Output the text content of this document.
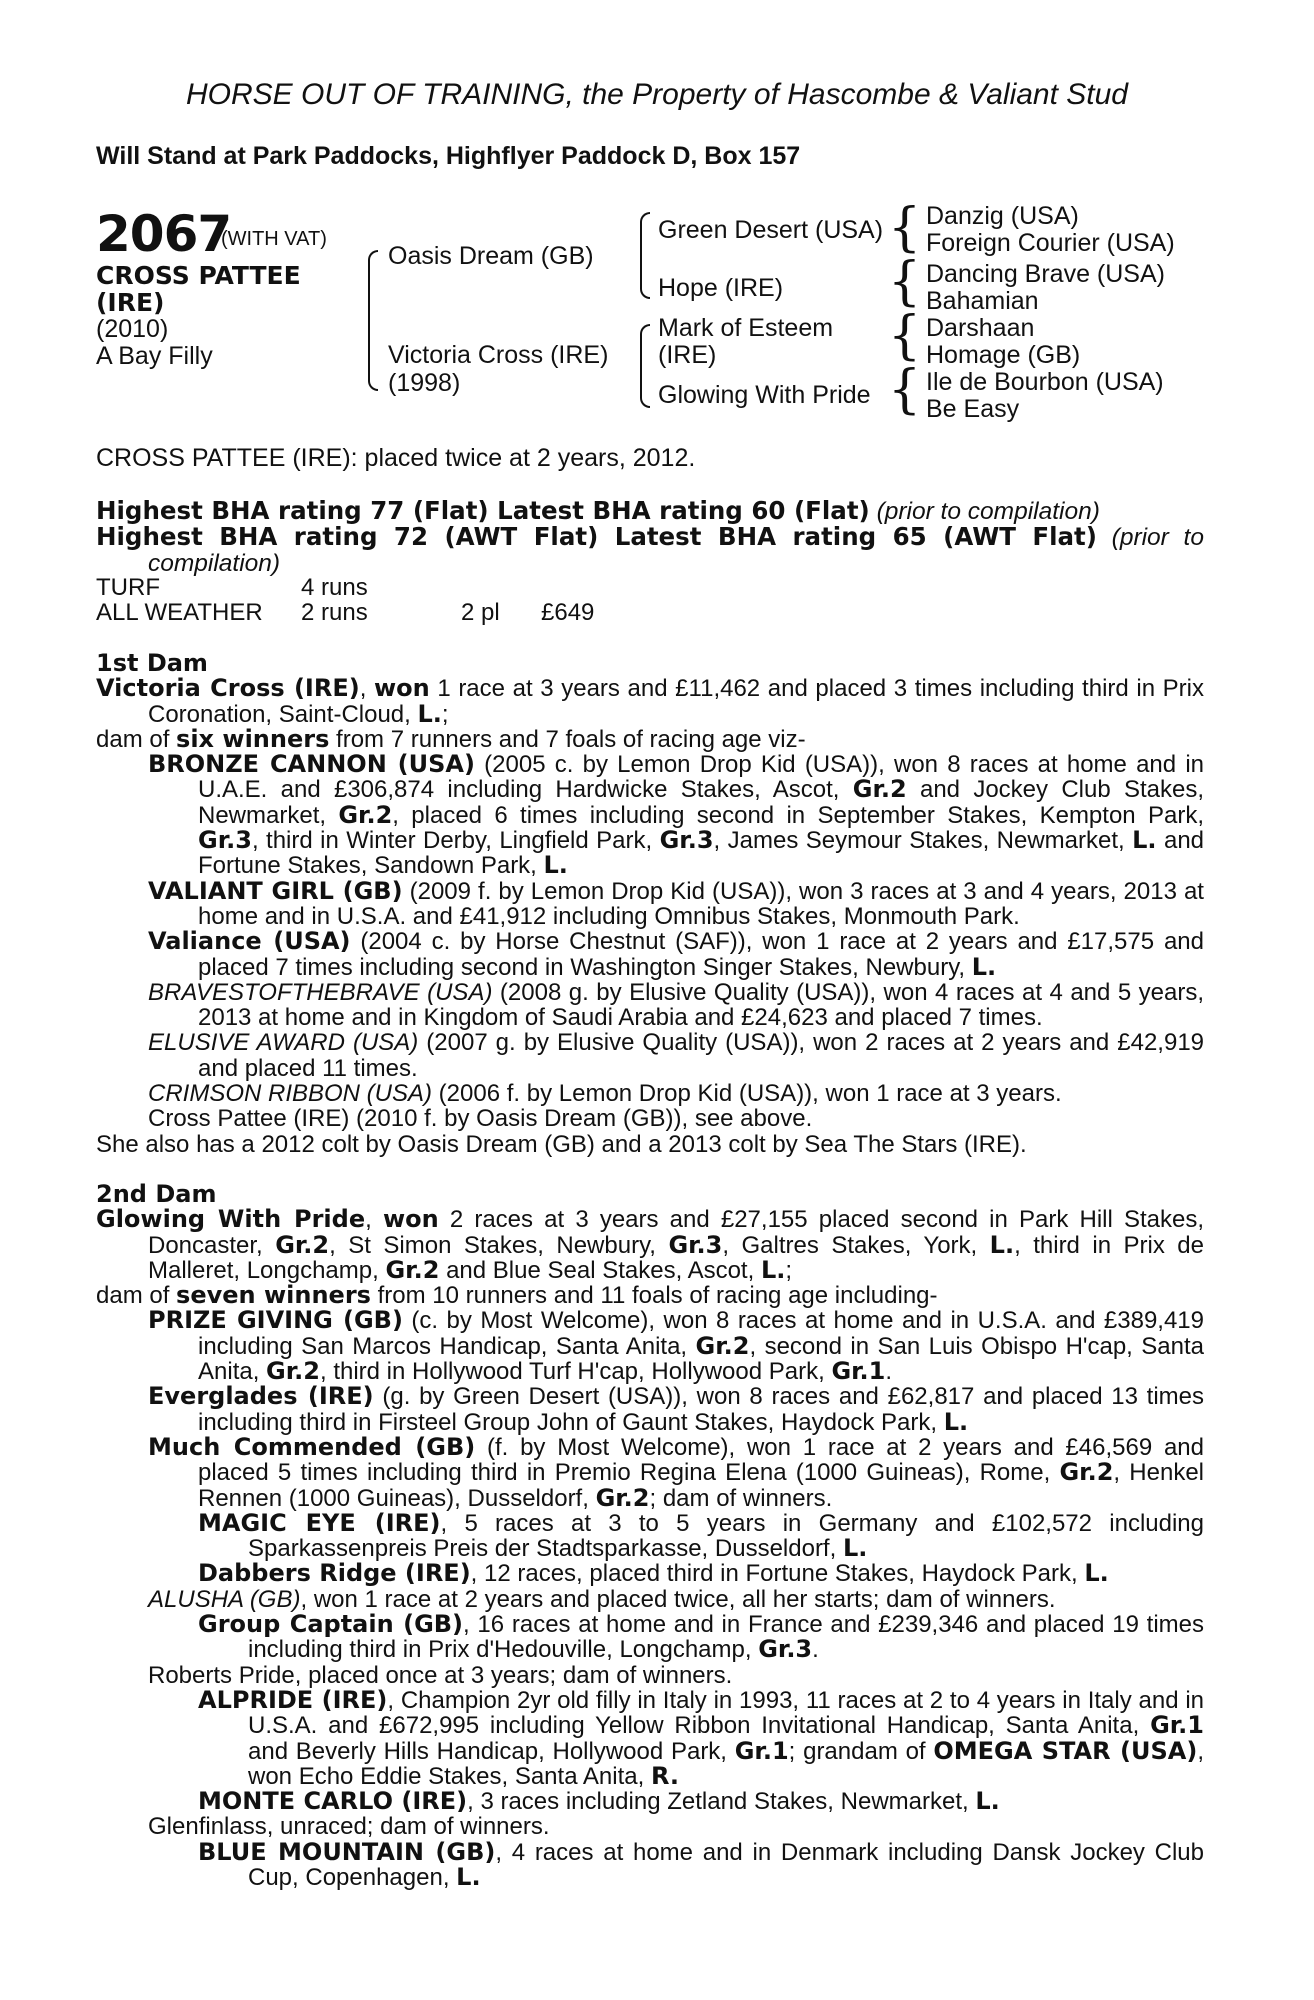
HORSE OUT OF TRAINING, the Property of Hascombe & Valiant Stud
Will Stand at Park Paddocks, Highflyer Paddock D, Box 157
2067
(WITH VAT)
CROSS PATTEE
(IRE)
(2010)
A Bay Filly
Oasis Dream (GB)
Victoria Cross (IRE)
(1998)
Green Desert (USA)
Hope (IRE)
Mark of Esteem
(IRE)
Glowing With Pride
{
{
{
{
Danzig (USA)
Foreign Courier (USA)
Dancing Brave (USA)
Bahamian
Darshaan
Homage (GB)
Ile de Bourbon (USA)
Be Easy
CROSS PATTEE (IRE): placed twice at 2 years, 2012.
Highest BHA rating 77 (Flat) Latest BHA rating 60 (Flat) (prior to compilation)
Highest BHA rating 72 (AWT Flat) Latest BHA rating 65 (AWT Flat) (prior to compilation)
TURF	4 runs
ALL WEATHER	2 runs	2 pl	£649
1st Dam
Victoria Cross (IRE), won 1 race at 3 years and £11,462 and placed 3 times including third in Prix Coronation, Saint-Cloud, L.;
dam of six winners from 7 runners and 7 foals of racing age viz-
BRONZE CANNON (USA) (2005 c. by Lemon Drop Kid (USA)), won 8 races at home and in U.A.E. and £306,874 including Hardwicke Stakes, Ascot, Gr.2 and Jockey Club Stakes, Newmarket, Gr.2, placed 6 times including second in September Stakes, Kempton Park, Gr.3, third in Winter Derby, Lingfield Park, Gr.3, James Seymour Stakes, Newmarket, L. and Fortune Stakes, Sandown Park, L.
VALIANT GIRL (GB) (2009 f. by Lemon Drop Kid (USA)), won 3 races at 3 and 4 years, 2013 at home and in U.S.A. and £41,912 including Omnibus Stakes, Monmouth Park.
Valiance (USA) (2004 c. by Horse Chestnut (SAF)), won 1 race at 2 years and £17,575 and placed 7 times including second in Washington Singer Stakes, Newbury, L.
BRAVESTOFTHEBRAVE (USA) (2008 g. by Elusive Quality (USA)), won 4 races at 4 and 5 years, 2013 at home and in Kingdom of Saudi Arabia and £24,623 and placed 7 times.
ELUSIVE AWARD (USA) (2007 g. by Elusive Quality (USA)), won 2 races at 2 years and £42,919 and placed 11 times.
CRIMSON RIBBON (USA) (2006 f. by Lemon Drop Kid (USA)), won 1 race at 3 years.
Cross Pattee (IRE) (2010 f. by Oasis Dream (GB)), see above.
She also has a 2012 colt by Oasis Dream (GB) and a 2013 colt by Sea The Stars (IRE).
2nd Dam
Glowing With Pride, won 2 races at 3 years and £27,155 placed second in Park Hill Stakes, Doncaster, Gr.2, St Simon Stakes, Newbury, Gr.3, Galtres Stakes, York, L., third in Prix de Malleret, Longchamp, Gr.2 and Blue Seal Stakes, Ascot, L.;
dam of seven winners from 10 runners and 11 foals of racing age including-
PRIZE GIVING (GB) (c. by Most Welcome), won 8 races at home and in U.S.A. and £389,419 including San Marcos Handicap, Santa Anita, Gr.2, second in San Luis Obispo H'cap, Santa Anita, Gr.2, third in Hollywood Turf H'cap, Hollywood Park, Gr.1.
Everglades (IRE) (g. by Green Desert (USA)), won 8 races and £62,817 and placed 13 times including third in Firsteel Group John of Gaunt Stakes, Haydock Park, L.
Much Commended (GB) (f. by Most Welcome), won 1 race at 2 years and £46,569 and placed 5 times including third in Premio Regina Elena (1000 Guineas), Rome, Gr.2, Henkel Rennen (1000 Guineas), Dusseldorf, Gr.2; dam of winners.
MAGIC EYE (IRE), 5 races at 3 to 5 years in Germany and £102,572 including Sparkassenpreis Preis der Stadtsparkasse, Dusseldorf, L.
Dabbers Ridge (IRE), 12 races, placed third in Fortune Stakes, Haydock Park, L.
ALUSHA (GB), won 1 race at 2 years and placed twice, all her starts; dam of winners.
Group Captain (GB), 16 races at home and in France and £239,346 and placed 19 times including third in Prix d'Hedouville, Longchamp, Gr.3.
Roberts Pride, placed once at 3 years; dam of winners.
ALPRIDE (IRE), Champion 2yr old filly in Italy in 1993, 11 races at 2 to 4 years in Italy and in U.S.A. and £672,995 including Yellow Ribbon Invitational Handicap, Santa Anita, Gr.1 and Beverly Hills Handicap, Hollywood Park, Gr.1; grandam of OMEGA STAR (USA), won Echo Eddie Stakes, Santa Anita, R.
MONTE CARLO (IRE), 3 races including Zetland Stakes, Newmarket, L.
Glenfinlass, unraced; dam of winners.
BLUE MOUNTAIN (GB), 4 races at home and in Denmark including Dansk Jockey Club Cup, Copenhagen, L.
